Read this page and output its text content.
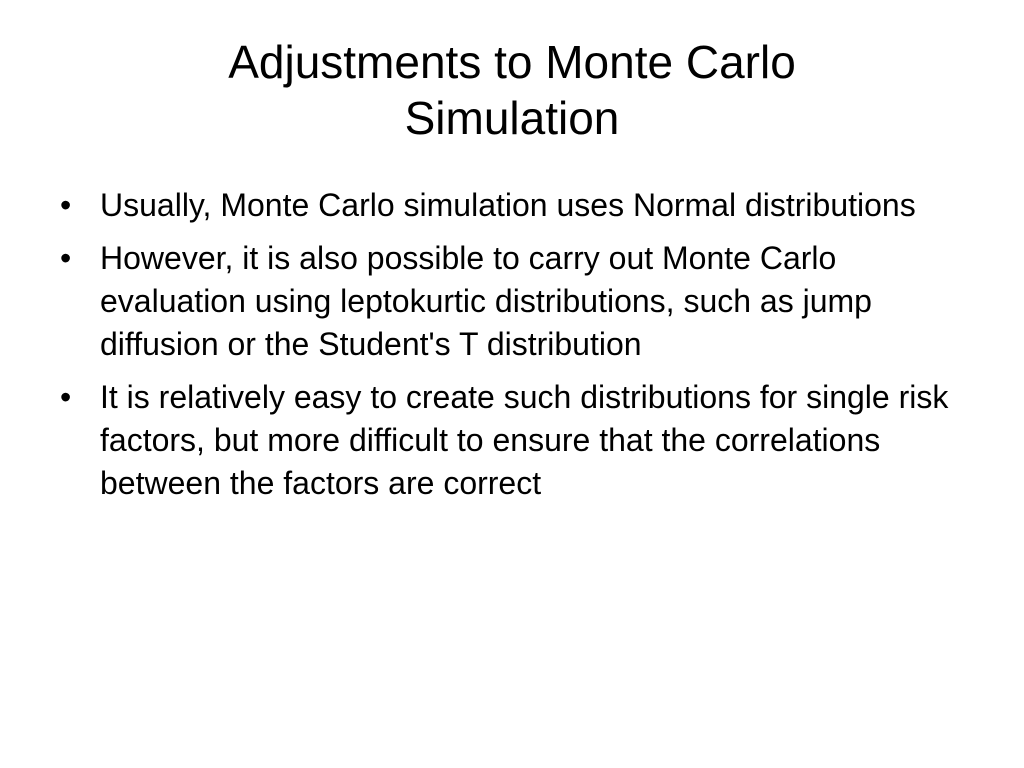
Adjustments to Monte Carlo
Simulation
• Usually, Monte Carlo simulation uses Normal distributions
• However, it is also possible to carry out Monte Carlo evaluation using leptokurtic distributions, such as jump diffusion or the Student's T distribution
• It is relatively easy to create such distributions for single risk factors, but more difficult to ensure that the correlations between the factors are correct
